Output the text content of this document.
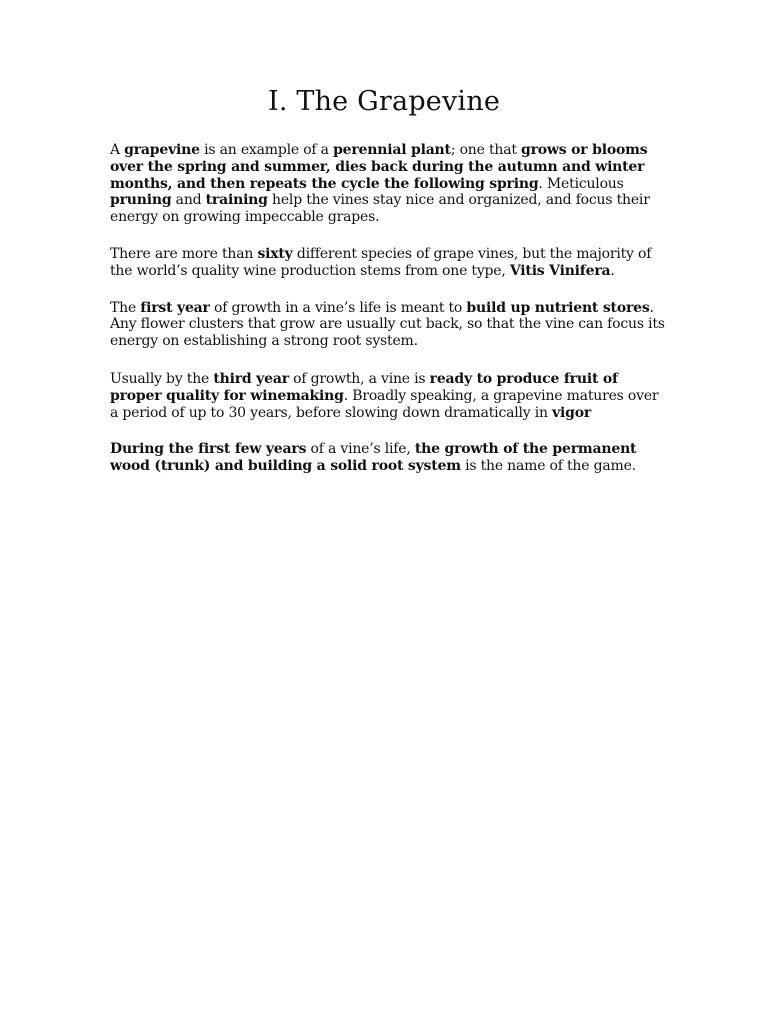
I. The Grapevine

A grapevine is an example of a perennial plant; one that grows or blooms over the spring and summer, dies back during the autumn and winter months, and then repeats the cycle the following spring. Meticulous pruning and training help the vines stay nice and organized, and focus their energy on growing impeccable grapes.

There are more than sixty different species of grape vines, but the majority of the world’s quality wine production stems from one type, Vitis Vinifera.

The first year of growth in a vine’s life is meant to build up nutrient stores. Any flower clusters that grow are usually cut back, so that the vine can focus its energy on establishing a strong root system.

Usually by the third year of growth, a vine is ready to produce fruit of proper quality for winemaking. Broadly speaking, a grapevine matures over a period of up to 30 years, before slowing down dramatically in vigor

During the first few years of a vine’s life, the growth of the permanent wood (trunk) and building a solid root system is the name of the game.
